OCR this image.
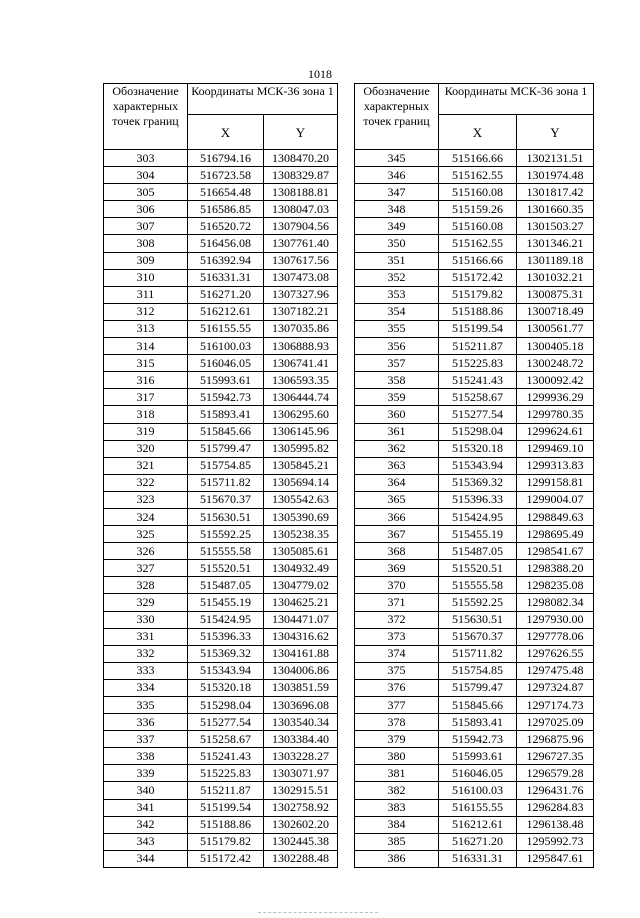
1018
Обозначение характерных точек границ	Координаты МСК-36 зона 1	
	X	Y
303	516794.16	1308470.20
304	516723.58	1308329.87
305	516654.48	1308188.81
306	516586.85	1308047.03
307	516520.72	1307904.56
308	516456.08	1307761.40
309	516392.94	1307617.56
310	516331.31	1307473.08
311	516271.20	1307327.96
312	516212.61	1307182.21
313	516155.55	1307035.86
314	516100.03	1306888.93
315	516046.05	1306741.41
316	515993.61	1306593.35
317	515942.73	1306444.74
318	515893.41	1306295.60
319	515845.66	1306145.96
320	515799.47	1305995.82
321	515754.85	1305845.21
322	515711.82	1305694.14
323	515670.37	1305542.63
324	515630.51	1305390.69
325	515592.25	1305238.35
326	515555.58	1305085.61
327	515520.51	1304932.49
328	515487.05	1304779.02
329	515455.19	1304625.21
330	515424.95	1304471.07
331	515396.33	1304316.62
332	515369.32	1304161.88
333	515343.94	1304006.86
334	515320.18	1303851.59
335	515298.04	1303696.08
336	515277.54	1303540.34
337	515258.67	1303384.40
338	515241.43	1303228.27
339	515225.83	1303071.97
340	515211.87	1302915.51
341	515199.54	1302758.92
342	515188.86	1302602.20
343	515179.82	1302445.38
344	515172.42	1302288.48
Обозначение характерных точек границ	Координаты МСК-36 зона 1	
	X	Y
345	515166.66	1302131.51
346	515162.55	1301974.48
347	515160.08	1301817.42
348	515159.26	1301660.35
349	515160.08	1301503.27
350	515162.55	1301346.21
351	515166.66	1301189.18
352	515172.42	1301032.21
353	515179.82	1300875.31
354	515188.86	1300718.49
355	515199.54	1300561.77
356	515211.87	1300405.18
357	515225.83	1300248.72
358	515241.43	1300092.42
359	515258.67	1299936.29
360	515277.54	1299780.35
361	515298.04	1299624.61
362	515320.18	1299469.10
363	515343.94	1299313.83
364	515369.32	1299158.81
365	515396.33	1299004.07
366	515424.95	1298849.63
367	515455.19	1298695.49
368	515487.05	1298541.67
369	515520.51	1298388.20
370	515555.58	1298235.08
371	515592.25	1298082.34
372	515630.51	1297930.00
373	515670.37	1297778.06
374	515711.82	1297626.55
375	515754.85	1297475.48
376	515799.47	1297324.87
377	515845.66	1297174.73
378	515893.41	1297025.09
379	515942.73	1296875.96
380	515993.61	1296727.35
381	516046.05	1296579.28
382	516100.03	1296431.76
383	516155.55	1296284.83
384	516212.61	1296138.48
385	516271.20	1295992.73
386	516331.31	1295847.61
